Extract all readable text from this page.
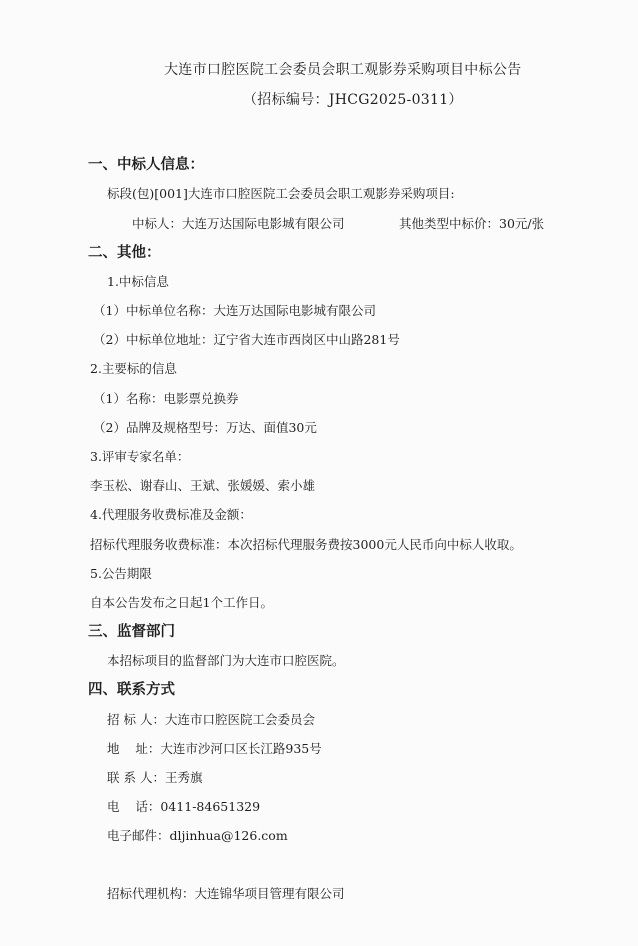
大连市口腔医院工会委员会职工观影券采购项目中标公告
（招标编号：JHCG2025-0311）
一、中标人信息：
标段(包)[001]大连市口腔医院工会委员会职工观影券采购项目:
中标人：大连万达国际电影城有限公司	其他类型中标价：30元/张
二、其他：
1.中标信息
（1）中标单位名称：大连万达国际电影城有限公司
（2）中标单位地址：辽宁省大连市西岗区中山路281号
2.主要标的信息
（1）名称：电影票兑换券
（2）品牌及规格型号：万达、面值30元
3.评审专家名单：
李玉松、谢春山、王斌、张媛媛、索小雄
4.代理服务收费标准及金额：
招标代理服务收费标准：本次招标代理服务费按3000元人民币向中标人收取。
5.公告期限
自本公告发布之日起1个工作日。
三、监督部门
本招标项目的监督部门为大连市口腔医院。
四、联系方式
招 标 人：大连市口腔医院工会委员会
地    址：大连市沙河口区长江路935号
联 系 人：王秀旗
电    话：0411-84651329
电子邮件：dljinhua@126.com
招标代理机构：大连锦华项目管理有限公司
